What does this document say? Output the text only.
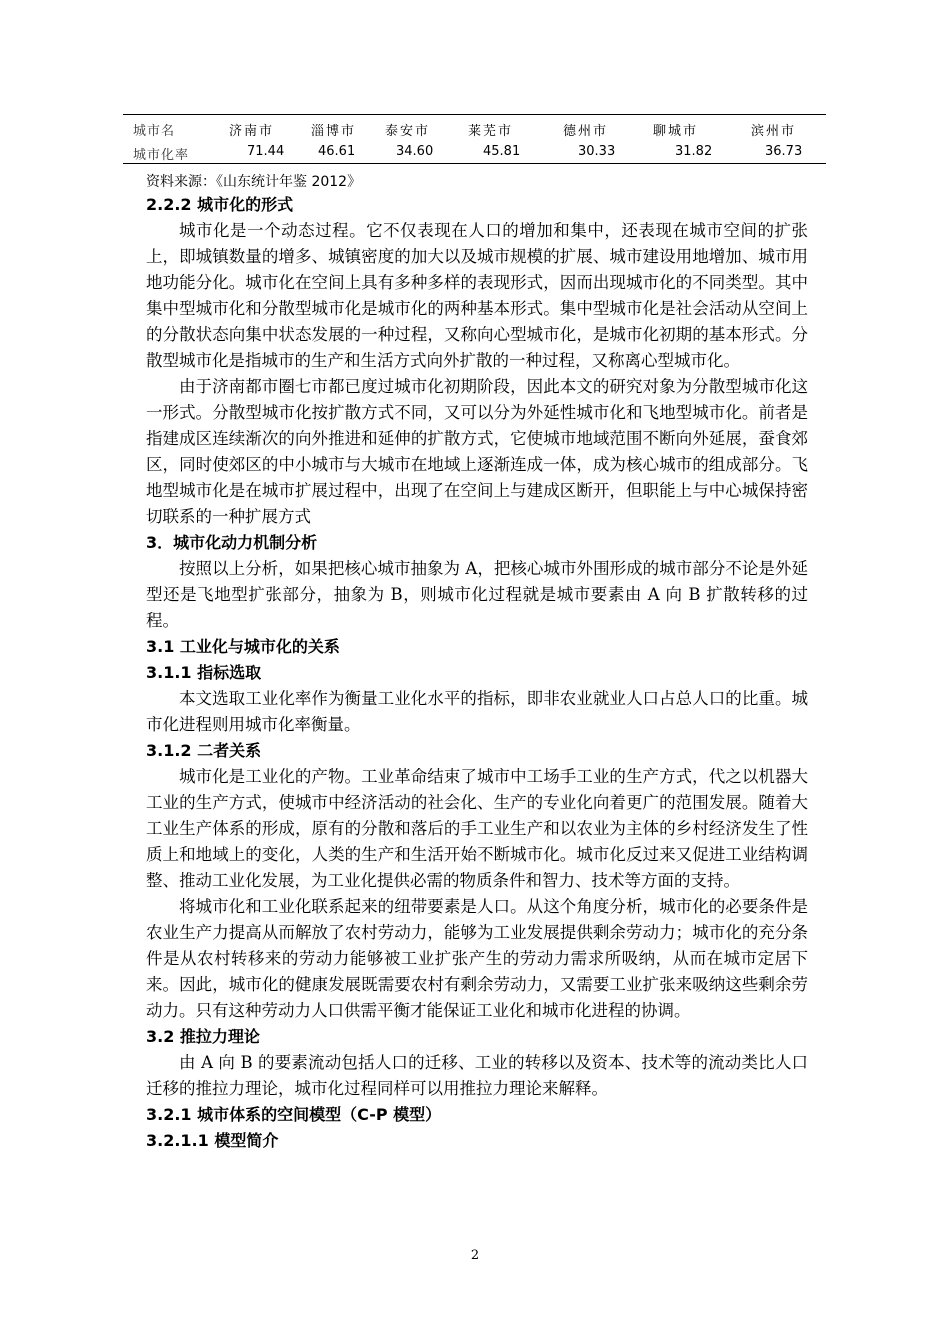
城市名	济南市	淄博市 泰安市	莱芜市	德州市	聊城市	滨州市
城市化率	71.44	46.61	34.60	45.81	30.33	31.82	36.73
资料来源：《山东统计年鉴 2012》
2.2.2 城市化的形式
城市化是一个动态过程。它不仅表现在人口的增加和集中，还表现在城市空间的扩张上，即城镇数量的增多、城镇密度的加大以及城市规模的扩展、城市建设用地增加、城市用地功能分化。城市化在空间上具有多种多样的表现形式，因而出现城市化的不同类型。其中集中型城市化和分散型城市化是城市化的两种基本形式。集中型城市化是社会活动从空间上的分散状态向集中状态发展的一种过程，又称向心型城市化，是城市化初期的基本形式。分散型城市化是指城市的生产和生活方式向外扩散的一种过程，又称离心型城市化。
由于济南都市圈七市都已度过城市化初期阶段，因此本文的研究对象为分散型城市化这一形式。分散型城市化按扩散方式不同，又可以分为外延性城市化和飞地型城市化。前者是指建成区连续渐次的向外推进和延伸的扩散方式，它使城市地域范围不断向外延展，蚕食郊区，同时使郊区的中小城市与大城市在地域上逐渐连成一体，成为核心城市的组成部分。飞地型城市化是在城市扩展过程中，出现了在空间上与建成区断开，但职能上与中心城保持密切联系的一种扩展方式
3．城市化动力机制分析
按照以上分析，如果把核心城市抽象为 A，把核心城市外围形成的城市部分不论是外延型还是飞地型扩张部分，抽象为 B，则城市化过程就是城市要素由 A 向 B 扩散转移的过程。
3.1 工业化与城市化的关系
3.1.1 指标选取
本文选取工业化率作为衡量工业化水平的指标，即非农业就业人口占总人口的比重。城市化进程则用城市化率衡量。
3.1.2 二者关系
城市化是工业化的产物。工业革命结束了城市中工场手工业的生产方式，代之以机器大工业的生产方式，使城市中经济活动的社会化、生产的专业化向着更广的范围发展。随着大工业生产体系的形成，原有的分散和落后的手工业生产和以农业为主体的乡村经济发生了性质上和地域上的变化，人类的生产和生活开始不断城市化。城市化反过来又促进工业结构调整、推动工业化发展，为工业化提供必需的物质条件和智力、技术等方面的支持。
将城市化和工业化联系起来的纽带要素是人口。从这个角度分析，城市化的必要条件是农业生产力提高从而解放了农村劳动力，能够为工业发展提供剩余劳动力；城市化的充分条件是从农村转移来的劳动力能够被工业扩张产生的劳动力需求所吸纳，从而在城市定居下来。因此，城市化的健康发展既需要农村有剩余劳动力，又需要工业扩张来吸纳这些剩余劳动力。只有这种劳动力人口供需平衡才能保证工业化和城市化进程的协调。
3.2 推拉力理论
由 A 向 B 的要素流动包括人口的迁移、工业的转移以及资本、技术等的流动类比人口迁移的推拉力理论，城市化过程同样可以用推拉力理论来解释。
3.2.1 城市体系的空间模型（C-P 模型）
3.2.1.1 模型简介
2
